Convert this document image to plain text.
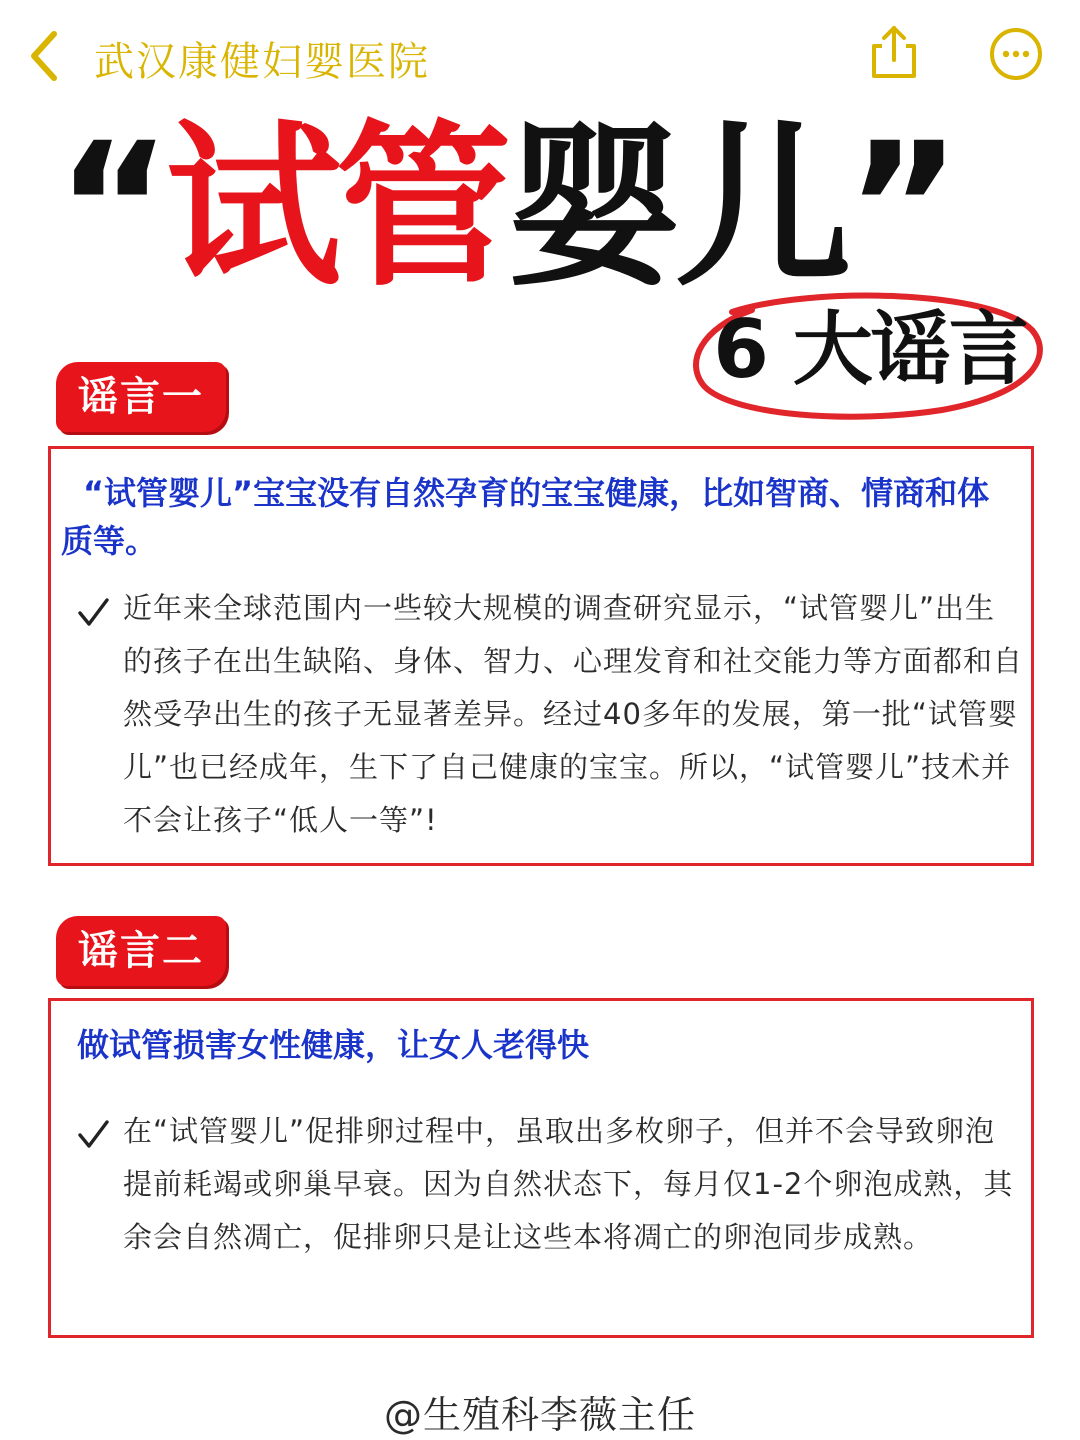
武汉康健妇婴医院
“试管婴儿”
6 大谣言
谣言一
“试管婴儿”宝宝没有自然孕育的宝宝健康，比如智商、情商和体质等。
近年来全球范围内一些较大规模的调查研究显示，“试管婴儿”出生的孩子在出生缺陷、身体、智力、心理发育和社交能力等方面都和自然受孕出生的孩子无显著差异。经过40多年的发展，第一批“试管婴儿”也已经成年，生下了自己健康的宝宝。所以，“试管婴儿”技术并不会让孩子“低人一等”!
谣言二
做试管损害女性健康，让女人老得快
在“试管婴儿”促排卵过程中，虽取出多枚卵子，但并不会导致卵泡提前耗竭或卵巢早衰。因为自然状态下，每月仅1-2个卵泡成熟，其余会自然凋亡，促排卵只是让这些本将凋亡的卵泡同步成熟。
@生殖科李薇主任
